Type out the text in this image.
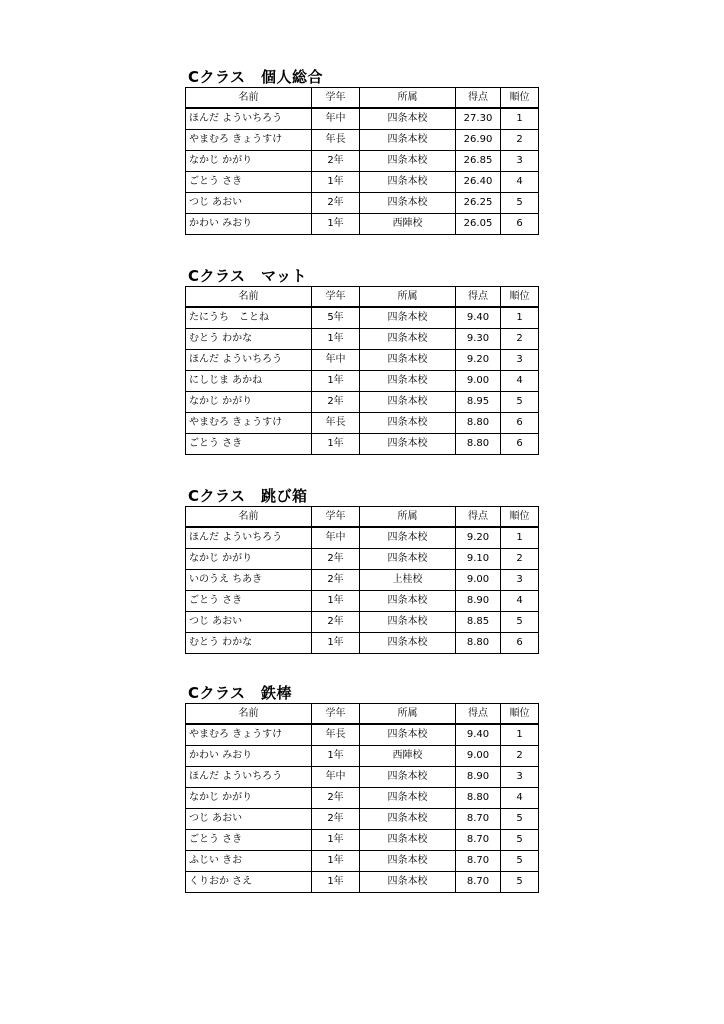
Cクラス　個人総合
名前	学年	所属	得点	順位
ほんだ よういちろう	年中	四条本校	27.30	1
やまむろ きょうすけ	年長	四条本校	26.90	2
なかじ かがり	2年	四条本校	26.85	3
ごとう さき	1年	四条本校	26.40	4
つじ あおい	2年	四条本校	26.25	5
かわい みおり	1年	西陣校	26.05	6
Cクラス　マット
名前	学年	所属	得点	順位
たにうち　ことね	5年	四条本校	9.40	1
むとう わかな	1年	四条本校	9.30	2
ほんだ よういちろう	年中	四条本校	9.20	3
にしじま あかね	1年	四条本校	9.00	4
なかじ かがり	2年	四条本校	8.95	5
やまむろ きょうすけ	年長	四条本校	8.80	6
ごとう さき	1年	四条本校	8.80	6
Cクラス　跳び箱
名前	学年	所属	得点	順位
ほんだ よういちろう	年中	四条本校	9.20	1
なかじ かがり	2年	四条本校	9.10	2
いのうえ ちあき	2年	上桂校	9.00	3
ごとう さき	1年	四条本校	8.90	4
つじ あおい	2年	四条本校	8.85	5
むとう わかな	1年	四条本校	8.80	6
Cクラス　鉄棒
名前	学年	所属	得点	順位
やまむろ きょうすけ	年長	四条本校	9.40	1
かわい みおり	1年	西陣校	9.00	2
ほんだ よういちろう	年中	四条本校	8.90	3
なかじ かがり	2年	四条本校	8.80	4
つじ あおい	2年	四条本校	8.70	5
ごとう さき	1年	四条本校	8.70	5
ふじい きお	1年	四条本校	8.70	5
くりおか さえ	1年	四条本校	8.70	5
